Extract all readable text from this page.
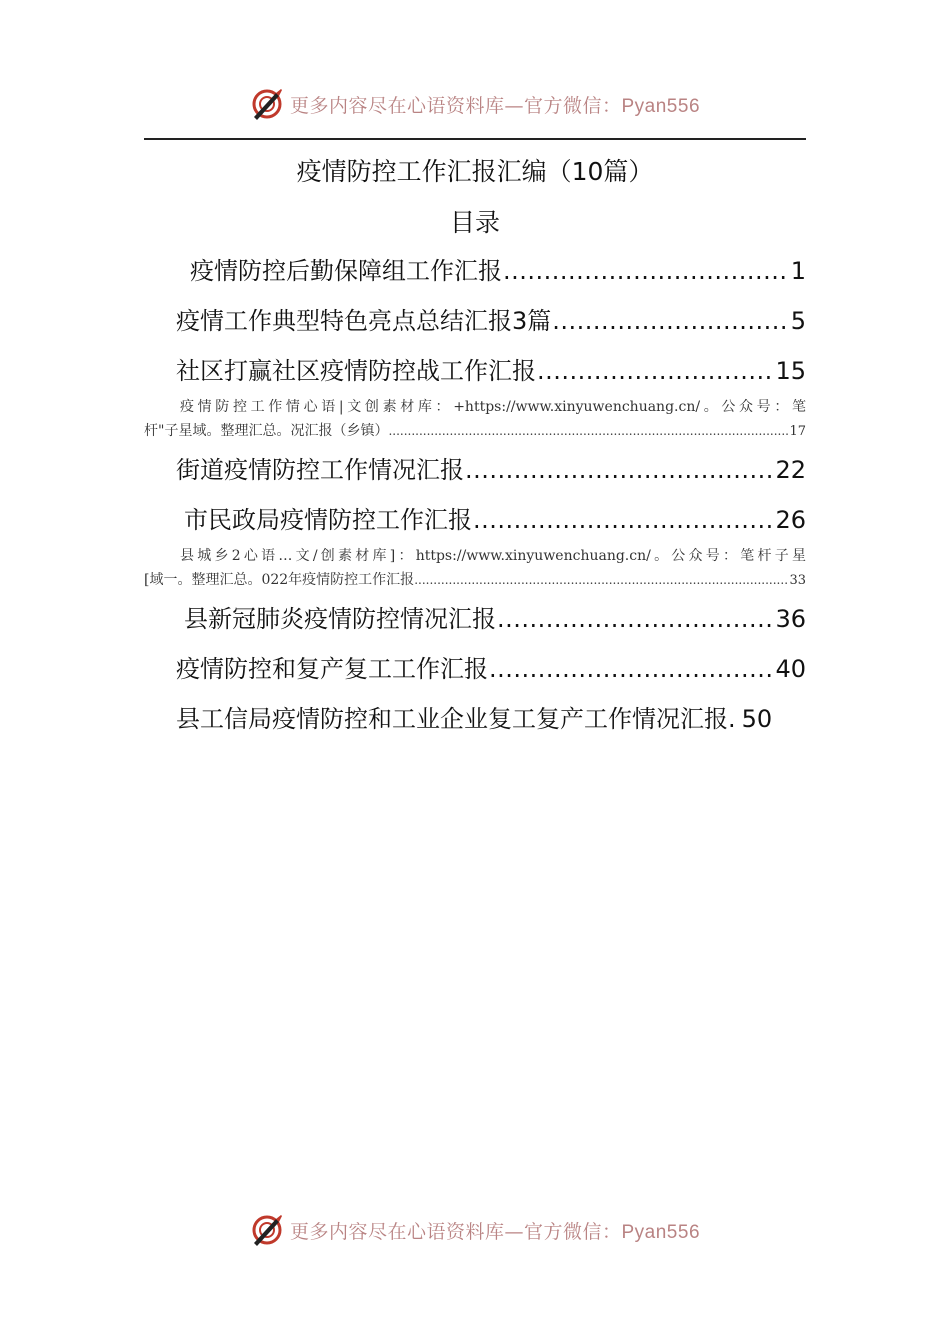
更多内容尽在心语资料库—官方微信：Pyan556
疫情防控工作汇报汇编（10篇）
目录
疫情防控后勤保障组工作汇报 .....	1
疫情工作典型特色亮点总结汇报3篇 .....	5
社区打赢社区疫情防控战工作汇报 .....	15
疫情防控工作情心语|文创素材库：+https://www.xinyuwenchuang.cn/。公众号：笔
杆"子星域。整理汇总。况汇报（乡镇） .....	17
街道疫情防控工作情况汇报 .....	22
市民政局疫情防控工作汇报 .....	26
县城乡2心语…文/创素材库]：https://www.xinyuwenchuang.cn/。公众号：笔杆子星
[域一。整理汇总。022年疫情防控工作汇报 .....	33
县新冠肺炎疫情防控情况汇报 .....	36
疫情防控和复产复工工作汇报 .....	40
县工信局疫情防控和工业企业复工复产工作情况汇报. 50
更多内容尽在心语资料库—官方微信：Pyan556
